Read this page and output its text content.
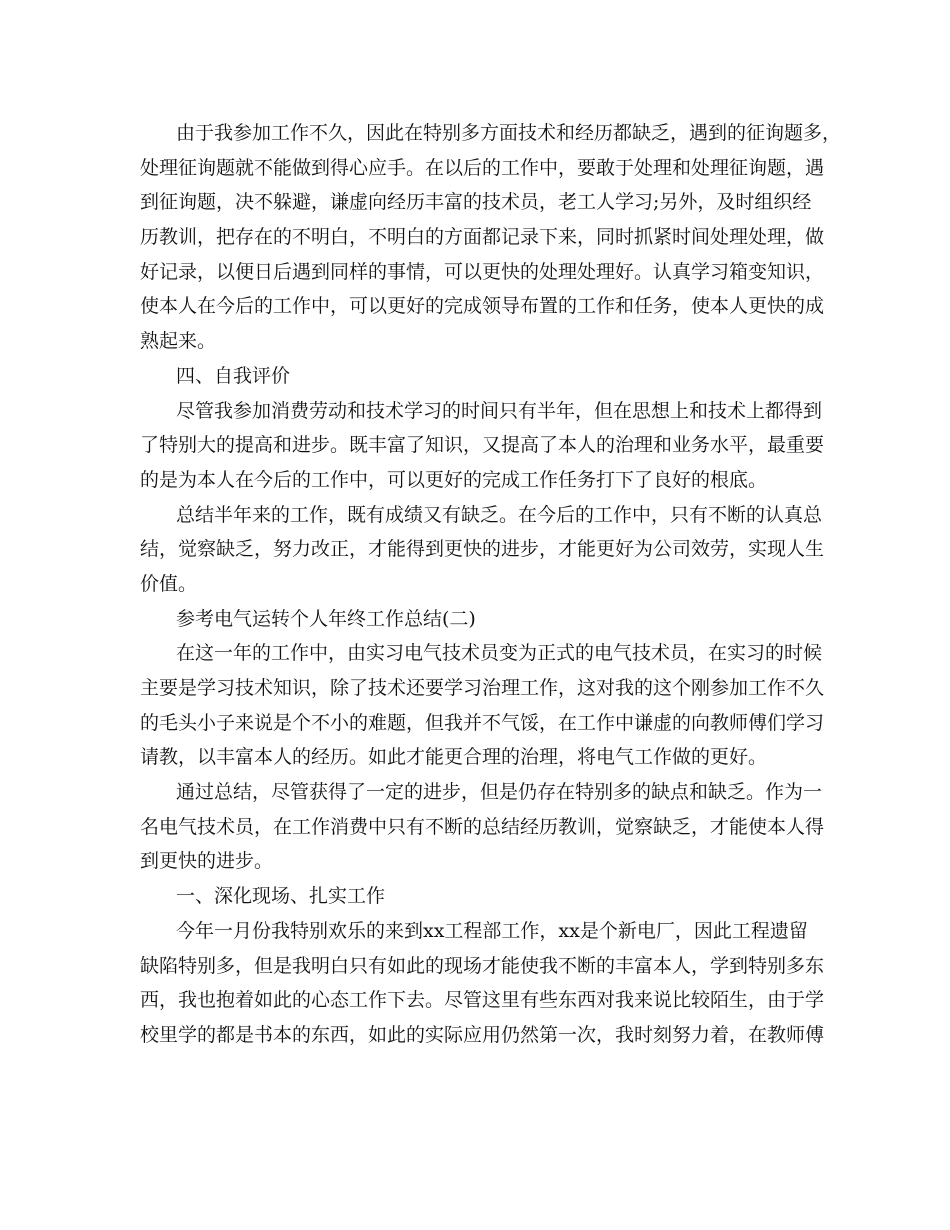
由于我参加工作不久，因此在特别多方面技术和经历都缺乏，遇到的征询题多，
处理征询题就不能做到得心应手。在以后的工作中，要敢于处理和处理征询题，遇
到征询题，决不躲避，谦虚向经历丰富的技术员，老工人学习;另外，及时组织经
历教训，把存在的不明白，不明白的方面都记录下来，同时抓紧时间处理处理，做
好记录，以便日后遇到同样的事情，可以更快的处理处理好。认真学习箱变知识，
使本人在今后的工作中，可以更好的完成领导布置的工作和任务，使本人更快的成
熟起来。
四、自我评价
尽管我参加消费劳动和技术学习的时间只有半年，但在思想上和技术上都得到
了特别大的提高和进步。既丰富了知识，又提高了本人的治理和业务水平，最重要
的是为本人在今后的工作中，可以更好的完成工作任务打下了良好的根底。
总结半年来的工作，既有成绩又有缺乏。在今后的工作中，只有不断的认真总
结，觉察缺乏，努力改正，才能得到更快的进步，才能更好为公司效劳，实现人生
价值。
参考电气运转个人年终工作总结(二)
在这一年的工作中，由实习电气技术员变为正式的电气技术员，在实习的时候
主要是学习技术知识，除了技术还要学习治理工作，这对我的这个刚参加工作不久
的毛头小子来说是个不小的难题，但我并不气馁，在工作中谦虚的向教师傅们学习
请教，以丰富本人的经历。如此才能更合理的治理，将电气工作做的更好。
通过总结，尽管获得了一定的进步，但是仍存在特别多的缺点和缺乏。作为一
名电气技术员，在工作消费中只有不断的总结经历教训，觉察缺乏，才能使本人得
到更快的进步。
一、深化现场、扎实工作
今年一月份我特别欢乐的来到xx工程部工作，xx是个新电厂，因此工程遗留
缺陷特别多，但是我明白只有如此的现场才能使我不断的丰富本人，学到特别多东
西，我也抱着如此的心态工作下去。尽管这里有些东西对我来说比较陌生，由于学
校里学的都是书本的东西，如此的实际应用仍然第一次，我时刻努力着，在教师傅
